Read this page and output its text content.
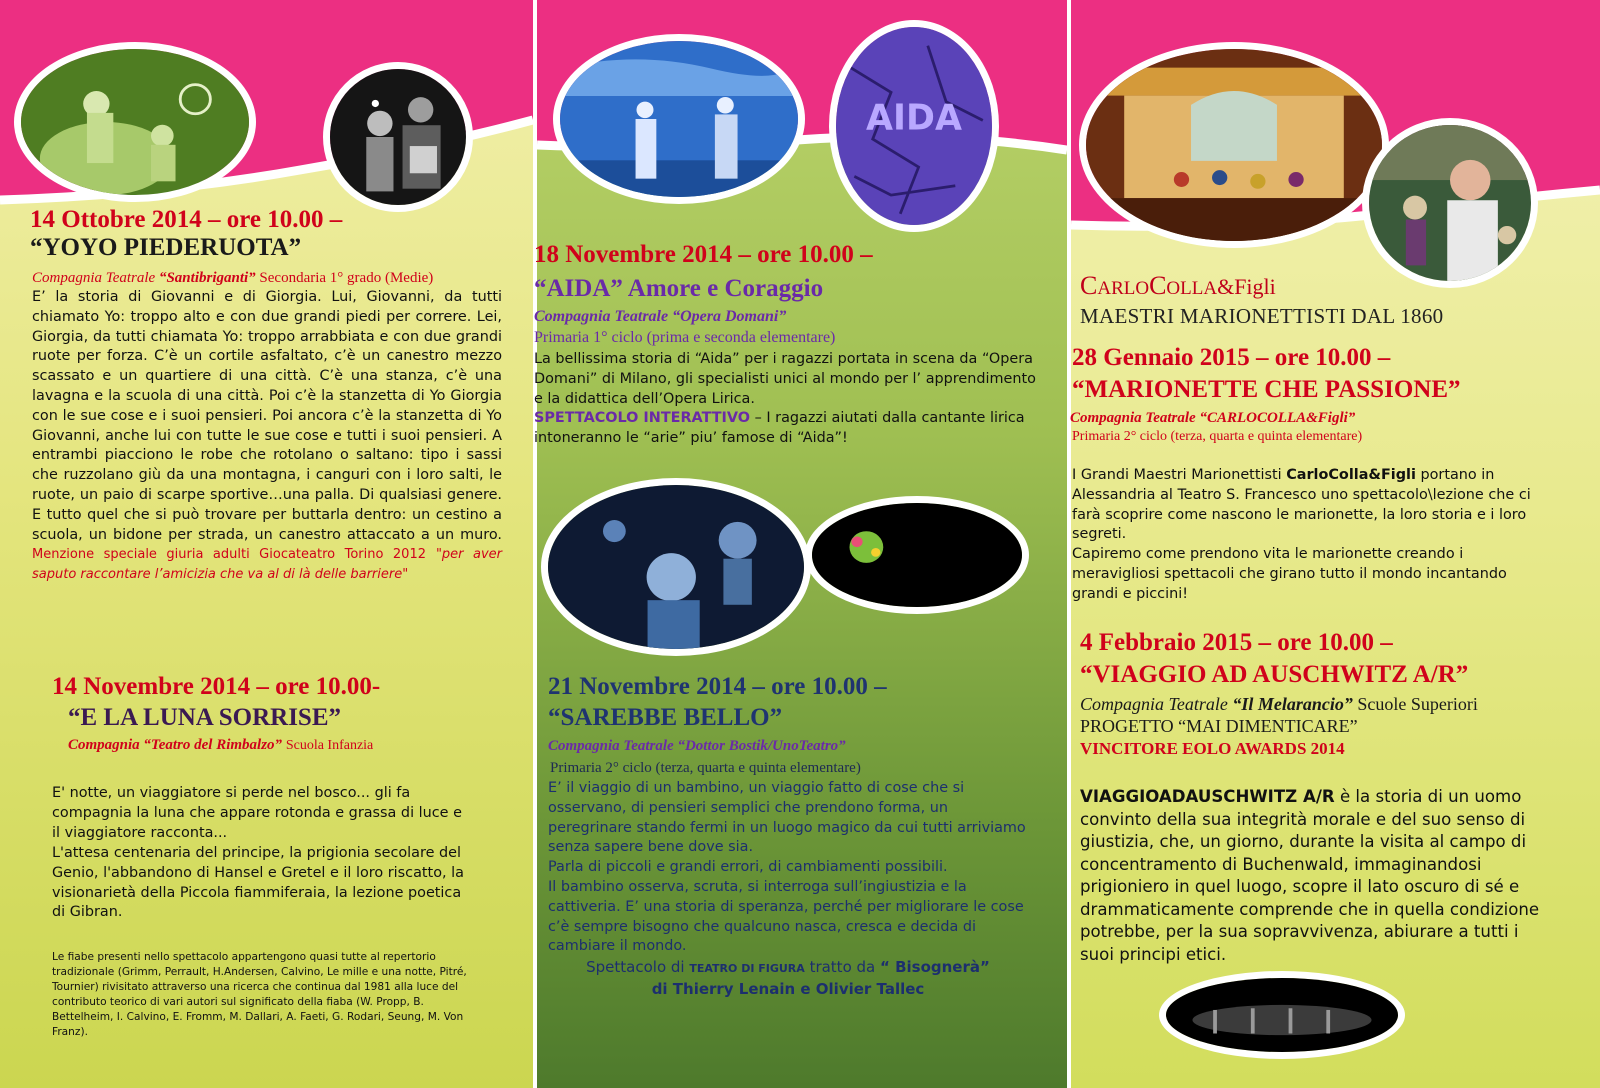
AIDA
14 Ottobre 2014 – ore 10.00 –
“YOYO PIEDERUOTA”
Compagnia Teatrale “Santibriganti” Secondaria 1° grado (Medie)
E’ la storia di Giovanni e di Giorgia. Lui, Giovanni, da tutti chiamato Yo: troppo alto e con due grandi piedi per correre. Lei, Giorgia, da tutti chiamata Yo: troppo arrabbiata e con due grandi ruote per forza. C’è un cortile asfaltato, c’è un canestro mezzo scassato e un quartiere di una città. C’è una stanza, c’è una lavagna e la scuola di una città. Poi c’è la stanzetta di Yo Giorgia con le sue cose e i suoi pensieri. Poi ancora c’è la stanzetta di Yo Giovanni, anche lui con tutte le sue cose e tutti i suoi pensieri. A entrambi piacciono le robe che rotolano o saltano: tipo i sassi che ruzzolano giù da una montagna, i canguri con i loro salti, le ruote, un paio di scarpe sportive…una palla. Di qualsiasi genere. E tutto quel che si può trovare per buttarla dentro: un cestino a scuola, un bidone per strada, un canestro attaccato a un muro. Menzione speciale giuria adulti Giocateatro Torino 2012 "per aver saputo raccontare l’amicizia che va al di là delle barriere"
14 Novembre 2014 – ore 10.00-
“E LA LUNA SORRISE”
Compagnia “Teatro del Rimbalzo” Scuola Infanzia
E' notte, un viaggiatore si perde nel bosco... gli fa compagnia la luna che appare rotonda e grassa di luce e il viaggiatore racconta...
L'attesa centenaria del principe, la prigionia secolare del Genio, l'abbandono di Hansel e Gretel e il loro riscatto, la visionarietà della Piccola fiammiferaia, la lezione poetica di Gibran.
Le fiabe presenti nello spettacolo appartengono quasi tutte al repertorio tradizionale (Grimm, Perrault, H.Andersen, Calvino, Le mille e una notte, Pitré, Tournier) rivisitato attraverso una ricerca che continua dal 1981 alla luce del contributo teorico di vari autori sul significato della fiaba (W. Propp, B. Bettelheim, I. Calvino, E. Fromm, M. Dallari, A. Faeti, G. Rodari, Seung, M. Von Franz).
18 Novembre 2014 – ore 10.00 –
“AIDA” Amore e Coraggio
Compagnia Teatrale “Opera Domani”
Primaria 1° ciclo (prima e seconda elementare)
La bellissima storia di “Aida” per i ragazzi portata in scena da “Opera Domani” di Milano, gli specialisti unici al mondo per l’ apprendimento e la didattica dell’Opera Lirica.
SPETTACOLO INTERATTIVO – I ragazzi aiutati dalla cantante lirica intoneranno le “arie” piu’ famose di “Aida”!
21 Novembre 2014 – ore 10.00 –
“SAREBBE BELLO”
Compagnia Teatrale “Dottor Bostik/UnoTeatro”
Primaria 2° ciclo (terza, quarta e quinta elementare)
E’ il viaggio di un bambino, un viaggio fatto di cose che si osservano, di pensieri semplici che prendono forma, un peregrinare stando fermi in un luogo magico da cui tutti arriviamo senza sapere bene dove sia.
Parla di piccoli e grandi errori, di cambiamenti possibili.
Il bambino osserva, scruta, si interroga sull’ingiustizia e la cattiveria. E’ una storia di speranza, perché per migliorare le cose c’è sempre bisogno che qualcuno nasca, cresca e decida di cambiare il mondo.
Spettacolo di TEATRO DI FIGURA tratto da “ Bisognerà”
di Thierry Lenain e Olivier Tallec
CARLOCOLLA&Figli
MAESTRI MARIONETTISTI DAL 1860
28 Gennaio 2015 – ore 10.00 –
“MARIONETTE CHE PASSIONE”
Compagnia Teatrale “CARLOCOLLA&Figli”
Primaria 2° ciclo (terza, quarta e quinta elementare)
I Grandi Maestri Marionettisti CarloColla&Figli portano in Alessandria al Teatro S. Francesco uno spettacolo\lezione che ci farà scoprire come nascono le marionette, la loro storia e i loro segreti.
Capiremo come prendono vita le marionette creando i meravigliosi spettacoli che girano tutto il mondo incantando grandi e piccini!
4 Febbraio 2015 – ore 10.00 –
“VIAGGIO AD AUSCHWITZ A/R”
Compagnia Teatrale “Il Melarancio” Scuole Superiori
PROGETTO “MAI DIMENTICARE”
VINCITORE EOLO AWARDS 2014
VIAGGIOADAUSCHWITZ A/R è la storia di un uomo convinto della sua integrità morale e del suo senso di giustizia, che, un giorno, durante la visita al campo di concentramento di Buchenwald, immaginandosi prigioniero in quel luogo, scopre il lato oscuro di sé e drammaticamente comprende che in quella condizione potrebbe, per la sua sopravvivenza, abiurare a tutti i suoi principi etici.
